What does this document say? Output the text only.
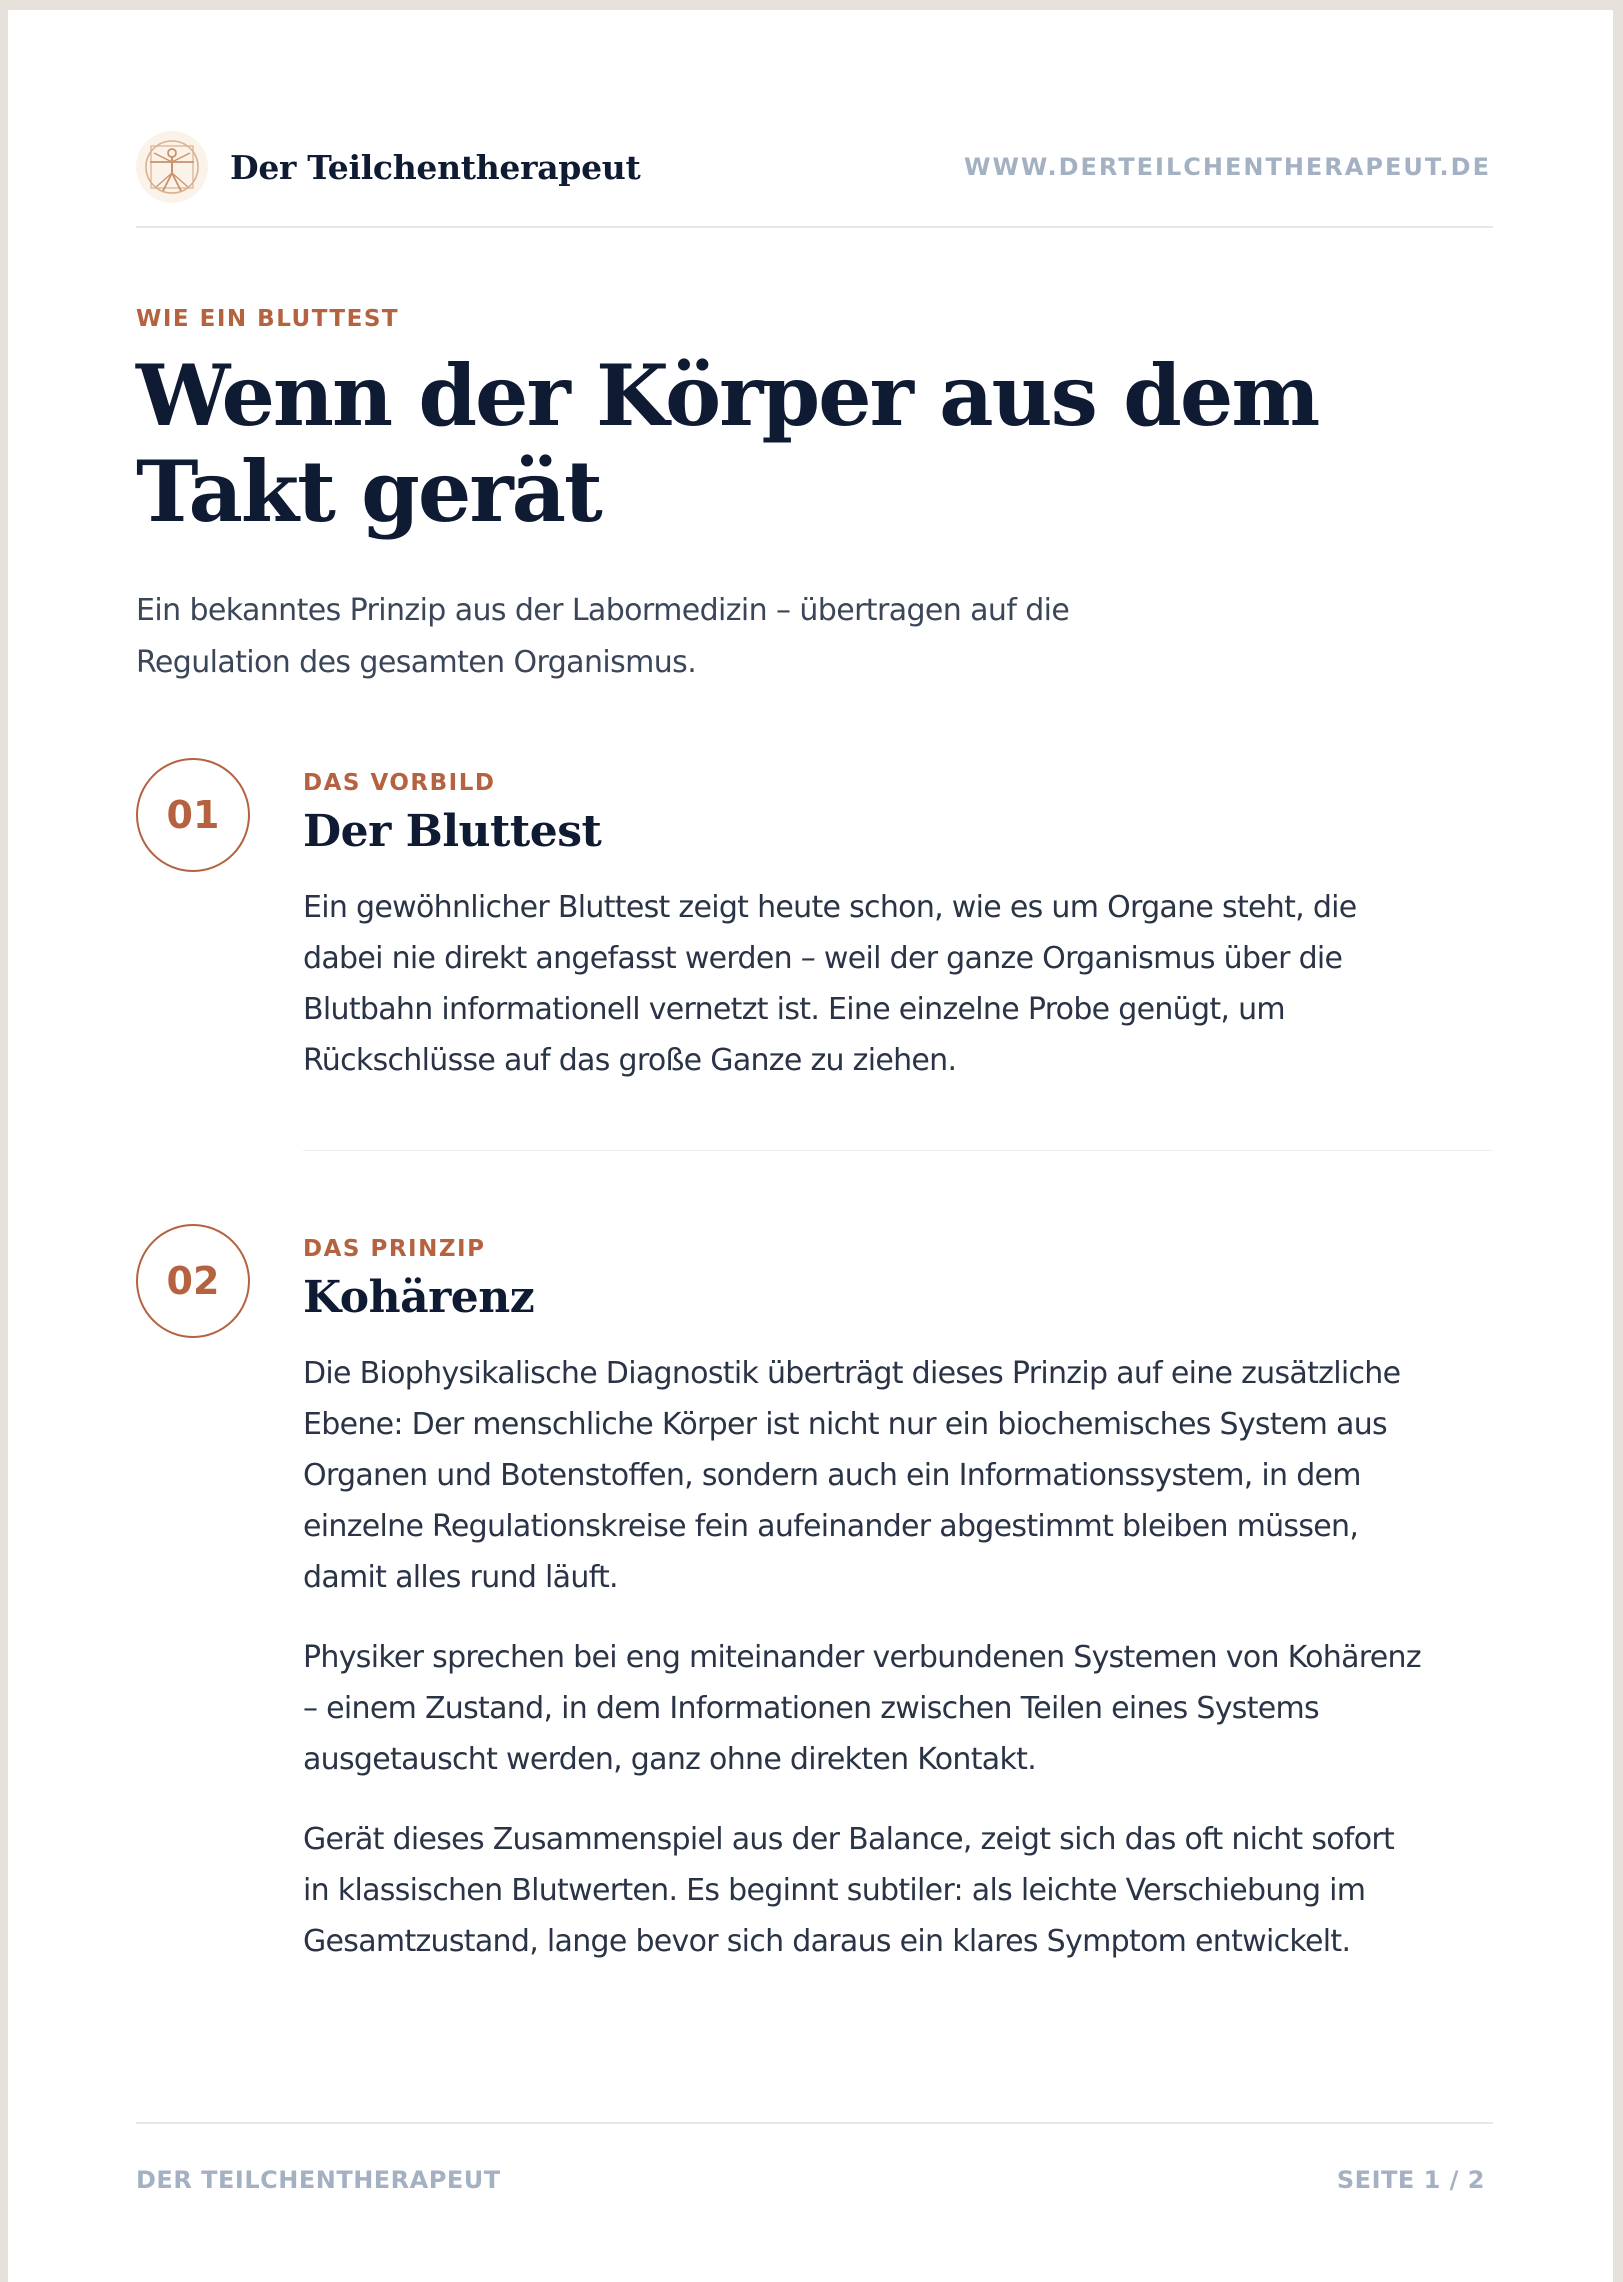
Der Teilchentherapeut	WWW.DERTEILCHENTHERAPEUT.DE
WIE EIN BLUTTEST
Wenn der Körper aus dem
Takt gerät

Ein bekanntes Prinzip aus der Labormedizin – übertragen auf die
Regulation des gesamten Organismus.

01
DAS VORBILD
Der Bluttest

Ein gewöhnlicher Bluttest zeigt heute schon, wie es um Organe steht, die
dabei nie direkt angefasst werden – weil der ganze Organismus über die
Blutbahn informationell vernetzt ist. Eine einzelne Probe genügt, um
Rückschlüsse auf das große Ganze zu ziehen.

02
DAS PRINZIP
Kohärenz

Die Biophysikalische Diagnostik überträgt dieses Prinzip auf eine zusätzliche
Ebene: Der menschliche Körper ist nicht nur ein biochemisches System aus
Organen und Botenstoffen, sondern auch ein Informationssystem, in dem
einzelne Regulationskreise fein aufeinander abgestimmt bleiben müssen,
damit alles rund läuft.

Physiker sprechen bei eng miteinander verbundenen Systemen von Kohärenz
– einem Zustand, in dem Informationen zwischen Teilen eines Systems
ausgetauscht werden, ganz ohne direkten Kontakt.

Gerät dieses Zusammenspiel aus der Balance, zeigt sich das oft nicht sofort
in klassischen Blutwerten. Es beginnt subtiler: als leichte Verschiebung im
Gesamtzustand, lange bevor sich daraus ein klares Symptom entwickelt.

DER TEILCHENTHERAPEUT	SEITE 1 / 2
